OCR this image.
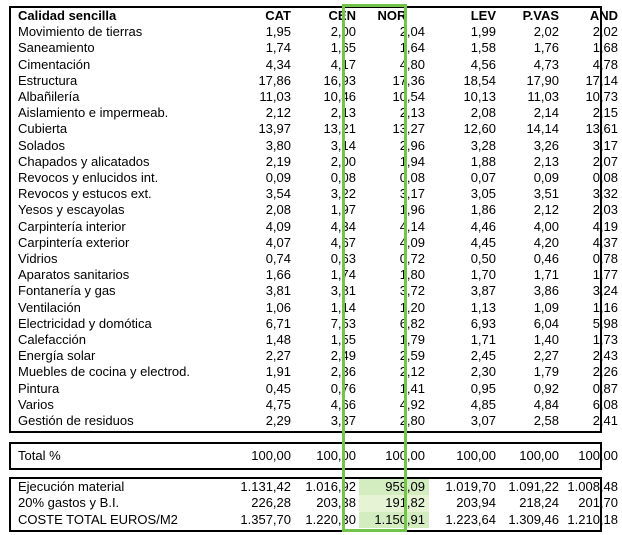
Calidad sencilla	CAT	CEN	NOR	LEV	P.VAS	AND
Movimiento de tierras	1,95	2,00	2,04	1,99	2,02	2,02
Saneamiento	1,74	1,65	1,64	1,58	1,76	1,68
Cimentación	4,34	4,17	4,80	4,56	4,73	4,78
Estructura	17,86	16,93	17,36	18,54	17,90	17,14
Albañilería	11,03	10,46	10,54	10,13	11,03	10,73
Aislamiento e impermeab.	2,12	2,13	2,13	2,08	2,14	2,15
Cubierta	13,97	13,21	13,27	12,60	14,14	13,61
Solados	3,80	3,14	2,96	3,28	3,26	3,17
Chapados y alicatados	2,19	2,00	1,94	1,88	2,13	2,07
Revocos y enlucidos int.	0,09	0,08	0,08	0,07	0,09	0,08
Revocos y estucos ext.	3,54	3,22	3,17	3,05	3,51	3,32
Yesos y escayolas	2,08	1,97	1,96	1,86	2,12	2,03
Carpintería interior	4,09	4,34	4,14	4,46	4,00	4,19
Carpintería exterior	4,07	4,67	4,09	4,45	4,20	4,37
Vidrios	0,74	0,63	0,72	0,50	0,46	0,78
Aparatos sanitarios	1,66	1,74	1,80	1,70	1,71	1,77
Fontanería y gas	3,81	3,81	3,72	3,87	3,86	3,24
Ventilación	1,06	1,14	1,20	1,13	1,09	1,16
Electricidad y domótica	6,71	7,53	6,82	6,93	6,04	5,98
Calefacción	1,48	1,55	1,79	1,71	1,40	1,73
Energía solar	2,27	2,49	2,59	2,45	2,27	2,43
Muebles de cocina y electrod.	1,91	2,36	2,12	2,30	1,79	2,26
Pintura	0,45	0,76	1,41	0,95	0,92	0,87
Varios	4,75	4,66	4,92	4,85	4,84	6,08
Gestión de residuos	2,29	3,37	2,80	3,07	2,58	2,41
Total %	100,00	100,00	100,00	100,00	100,00	100,00
Ejecución material	1.131,42	1.016,92	959,09	1.019,70	1.091,22	1.008,48
20% gastos y B.I.	226,28	203,38	191,82	203,94	218,24	201,70
COSTE TOTAL EUROS/M2	1.357,70	1.220,30	1.150,91	1.223,64	1.309,46	1.210,18
